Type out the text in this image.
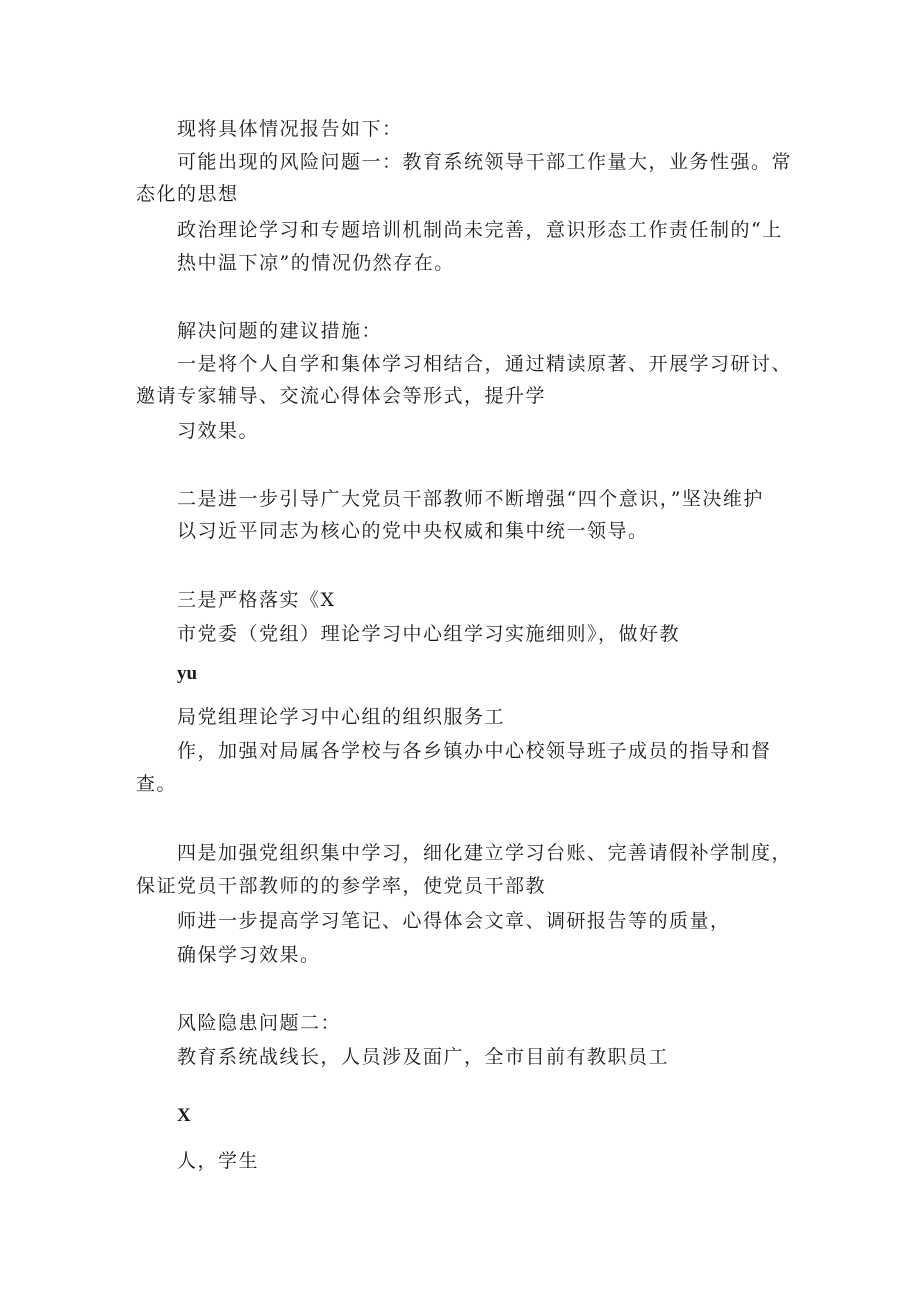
现将具体情况报告如下：
可能出现的风险问题一：教育系统领导干部工作量大，业务性强。常
态化的思想
政治理论学习和专题培训机制尚未完善，意识形态工作责任制的“上
热中温下凉”的情况仍然存在。
解决问题的建议措施：
一是将个人自学和集体学习相结合，通过精读原著、开展学习研讨、
邀请专家辅导、交流心得体会等形式，提升学
习效果。
二是进一步引导广大党员干部教师不断增强“四个意识，”坚决维护
以习近平同志为核心的党中央权威和集中统一领导。
三是严格落实《X
市党委（党组）理论学习中心组学习实施细则》，做好教
yu
局党组理论学习中心组的组织服务工
作，加强对局属各学校与各乡镇办中心校领导班子成员的指导和督
查。
四是加强党组织集中学习，细化建立学习台账、完善请假补学制度，
保证党员干部教师的的参学率，使党员干部教
师进一步提高学习笔记、心得体会文章、调研报告等的质量，
确保学习效果。
风险隐患问题二：
教育系统战线长，人员涉及面广，全市目前有教职员工
X
人，学生
